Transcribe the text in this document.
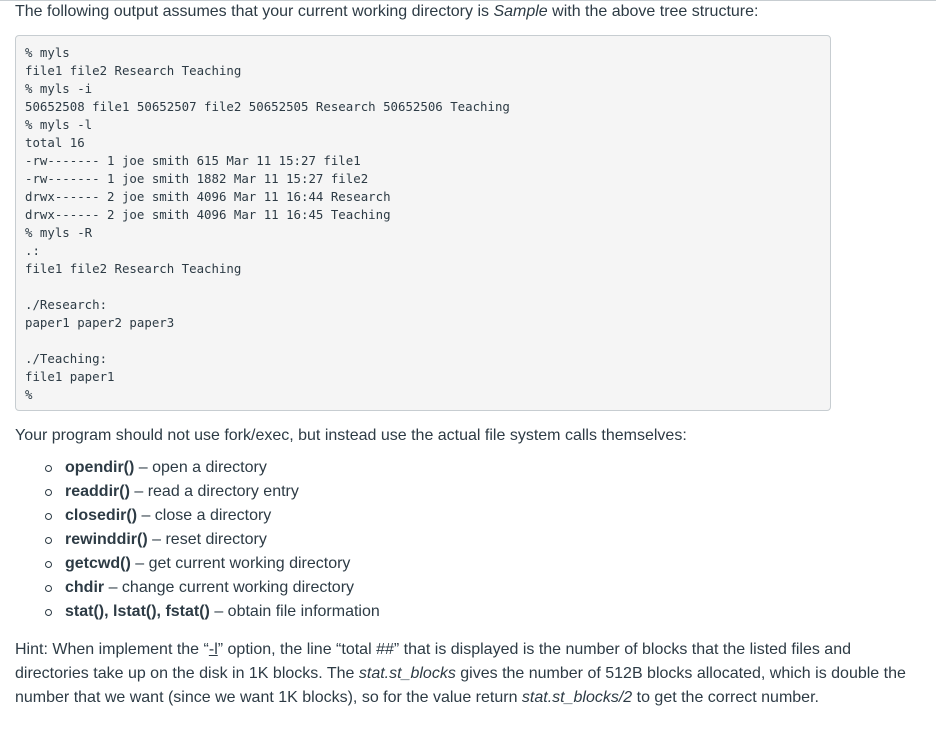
The following output assumes that your current working directory is Sample with the above tree structure:

% myls
file1 file2 Research Teaching
% myls -i
50652508 file1 50652507 file2 50652505 Research 50652506 Teaching
% myls -l
total 16
-rw------- 1 joe smith 615 Mar 11 15:27 file1
-rw------- 1 joe smith 1882 Mar 11 15:27 file2
drwx------ 2 joe smith 4096 Mar 11 16:44 Research
drwx------ 2 joe smith 4096 Mar 11 16:45 Teaching
% myls -R
.:
file1 file2 Research Teaching
./Research:
paper1 paper2 paper3
./Teaching:
file1 paper1
%

Your program should not use fork/exec, but instead use the actual file system calls themselves:

opendir() – open a directory
readdir() – read a directory entry
closedir() – close a directory
rewinddir() – reset directory
getcwd() – get current working directory
chdir – change current working directory
stat(), lstat(), fstat() – obtain file information

Hint: When implement the “-l” option, the line “total ##” that is displayed is the number of blocks that the listed files and directories take up on the disk in 1K blocks. The stat.st_blocks gives the number of 512B blocks allocated, which is double the number that we want (since we want 1K blocks), so for the value return stat.st_blocks/2 to get the correct number.
